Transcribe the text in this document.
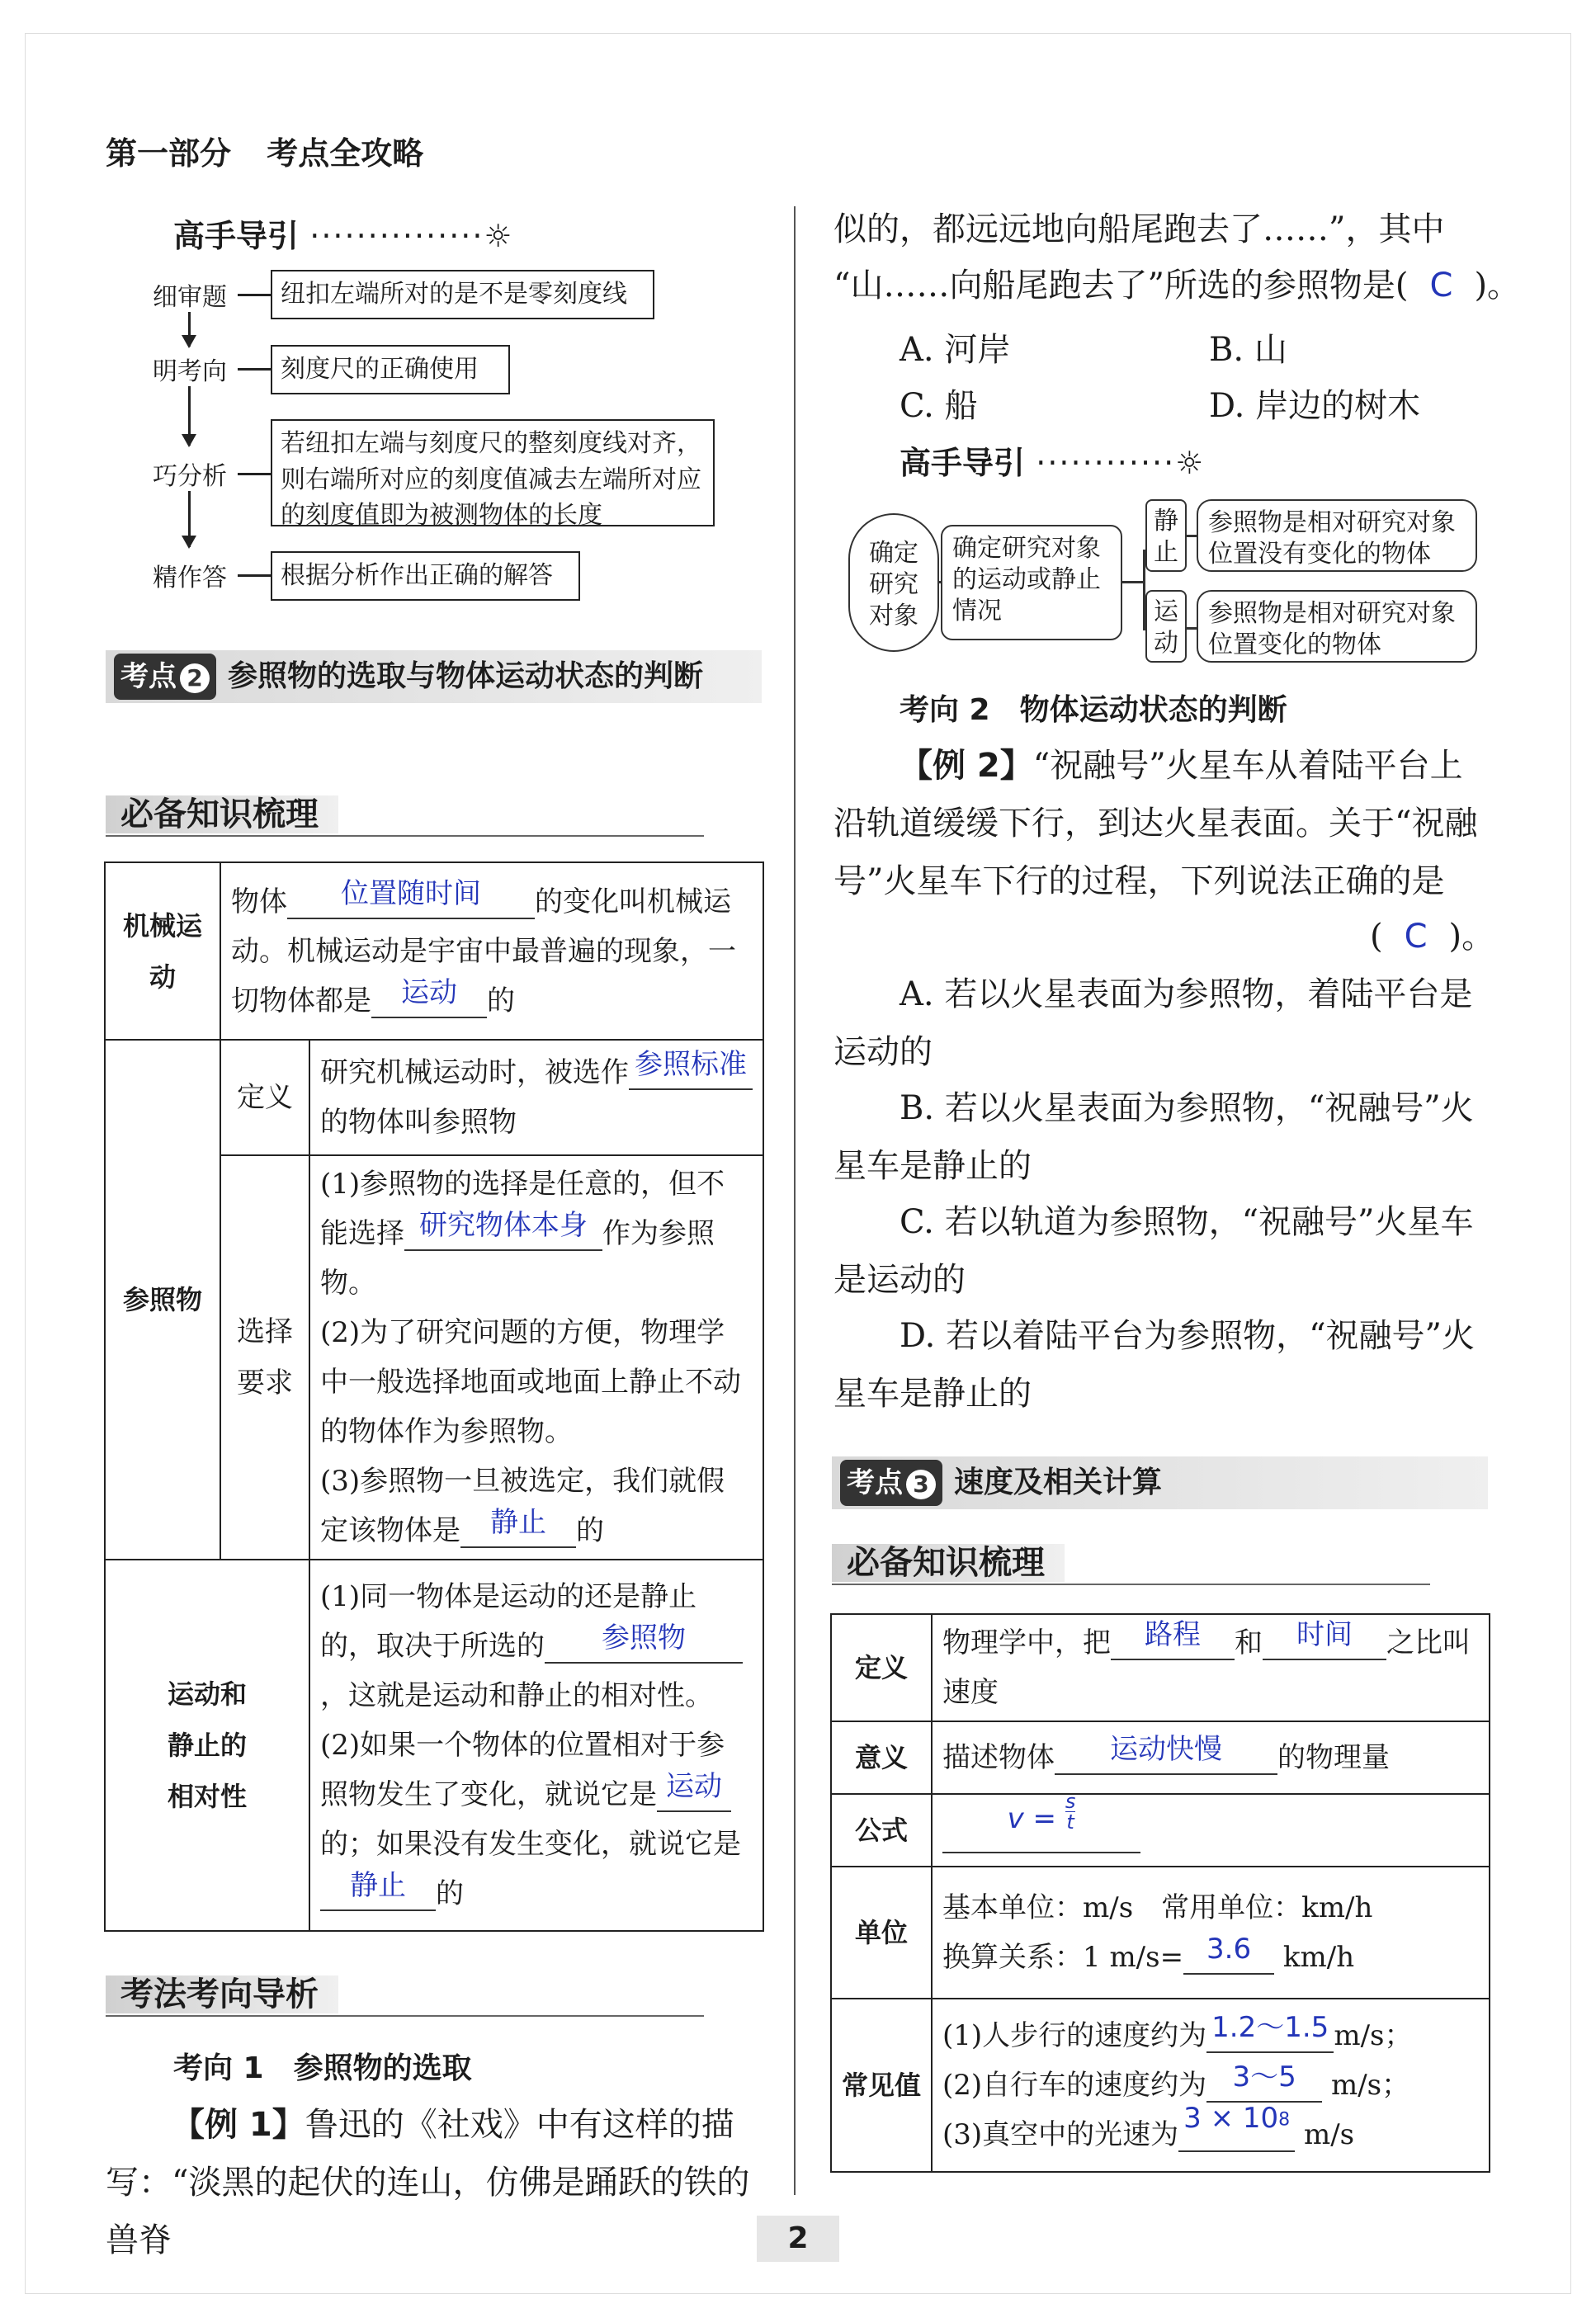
第一部分 考点全攻略
高手导引 ···············☼
细审题	纽扣左端所对的是不是零刻度线
明考向	刻度尺的正确使用
巧分析
若纽扣左端与刻度尺的整刻度线对齐，则右端所对应的刻度值减去左端所对应的刻度值即为被测物体的长度
精作答	根据分析作出正确的解答
考点 2 参照物的选取与物体运动状态的判断
必备知识梳理
机械运动	物体 位置随时间 的变化叫机械运动。机械运动是宇宙中最普遍的现象，一切物体都是 运动 的	
参照物	定义	研究机械运动时，被选作 参照标准的物体叫参照物
	选择要求	(1)参照物的选择是任意的，但不能选择 研究物体本身 作为参照物。
(2)为了研究问题的方便，物理学中一般选择地面或地面上静止不动的物体作为参照物。
(3)参照物一旦被选定，我们就假定该物体是 静止 的
运动和静止的相对性		(1)同一物体是运动的还是静止的，取决于所选的 参照物，这就是运动和静止的相对性。
(2)如果一个物体的位置相对于参照物发生了变化，就说它是 运动的；如果没有发生变化，就说它是静止 的
考法考向导析
考向 1　参照物的选取
【例 1】鲁迅的《社戏》中有这样的描写：“淡黑的起伏的连山，仿佛是踊跃的铁的兽脊
似的，都远远地向船尾跑去了……”，其中
“山……向船尾跑去了”所选的参照物是( C )。
A. 河岸	B. 山
C. 船	D. 岸边的树木
高手导引 ············☼
确定研究对象
确定研究对象的运动或静止情况
静止
参照物是相对研究对象位置没有变化的物体
运动
参照物是相对研究对象位置变化的物体
考向 2　物体运动状态的判断
【例 2】“祝融号”火星车从着陆平台上沿轨道缓缓下行，到达火星表面。关于“祝融号”火星车下行的过程，下列说法正确的是
( C )。
A. 若以火星表面为参照物，着陆平台是运动的
B. 若以火星表面为参照物，“祝融号”火星车是静止的
C. 若以轨道为参照物，“祝融号”火星车是运动的
D. 若以着陆平台为参照物，“祝融号”火星车是静止的
考点 3 速度及相关计算
必备知识梳理
定义	物理学中，把 路程 和 时间 之比叫速度
意义	描述物体 运动快慢 的物理量
公式	$v = \frac{s}{t}$

单位	基本单位：m/s　常用单位：km/h
换算关系：1 m/s= 3.6 km/h
常见值	(1)人步行的速度约为 1.2～1.5 m/s；
(2)自行车的速度约为 3～5 m/s；
(3)真空中的光速为 $3 \times 10^8$ m/s
2
